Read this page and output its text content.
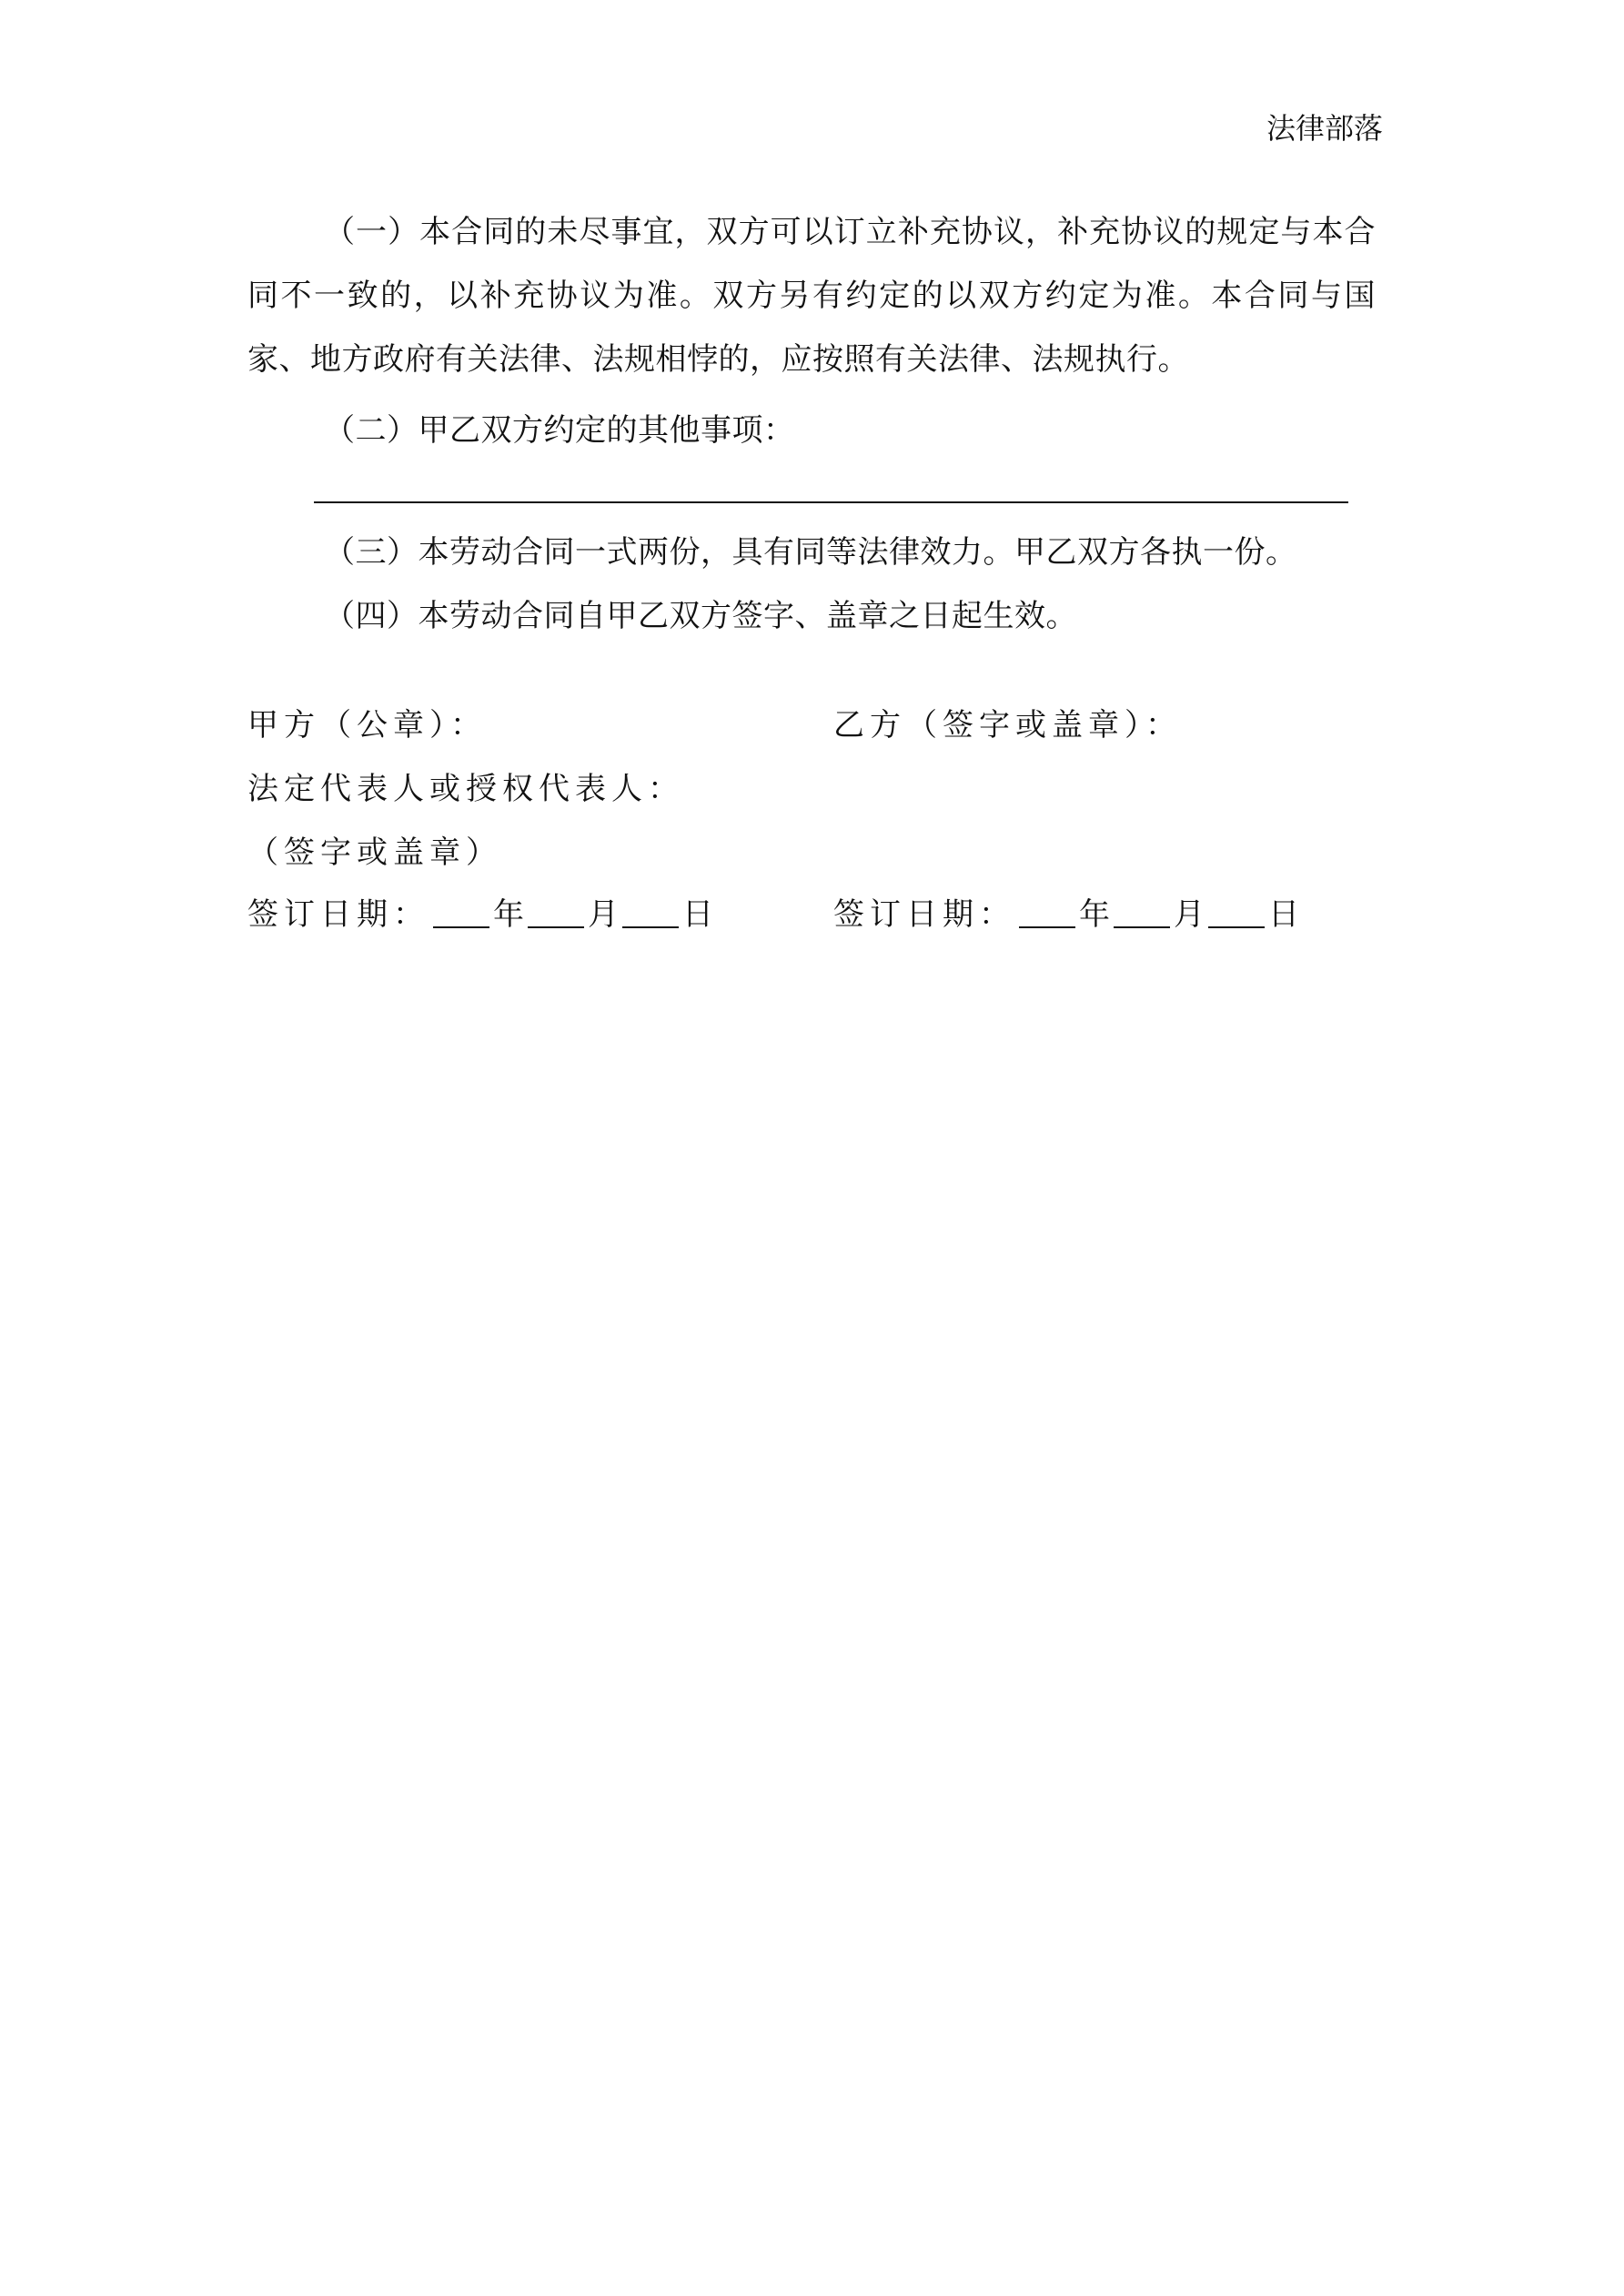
法律部落
（一）本合同的未尽事宜，双方可以订立补充协议，补充协议的规定与本合同不一致的，以补充协议为准。双方另有约定的以双方约定为准。本合同与国家、地方政府有关法律、法规相悖的，应按照有关法律、法规执行。
（二）甲乙双方约定的其他事项：
（三）本劳动合同一式两份，具有同等法律效力。甲乙双方各执一份。
（四）本劳动合同自甲乙双方签字、盖章之日起生效。
甲方（公章）：	乙方（签字或盖章）：
法定代表人或授权代表人：
（签字或盖章）
签订日期： 年 月 日	签订日期： 年 月 日
